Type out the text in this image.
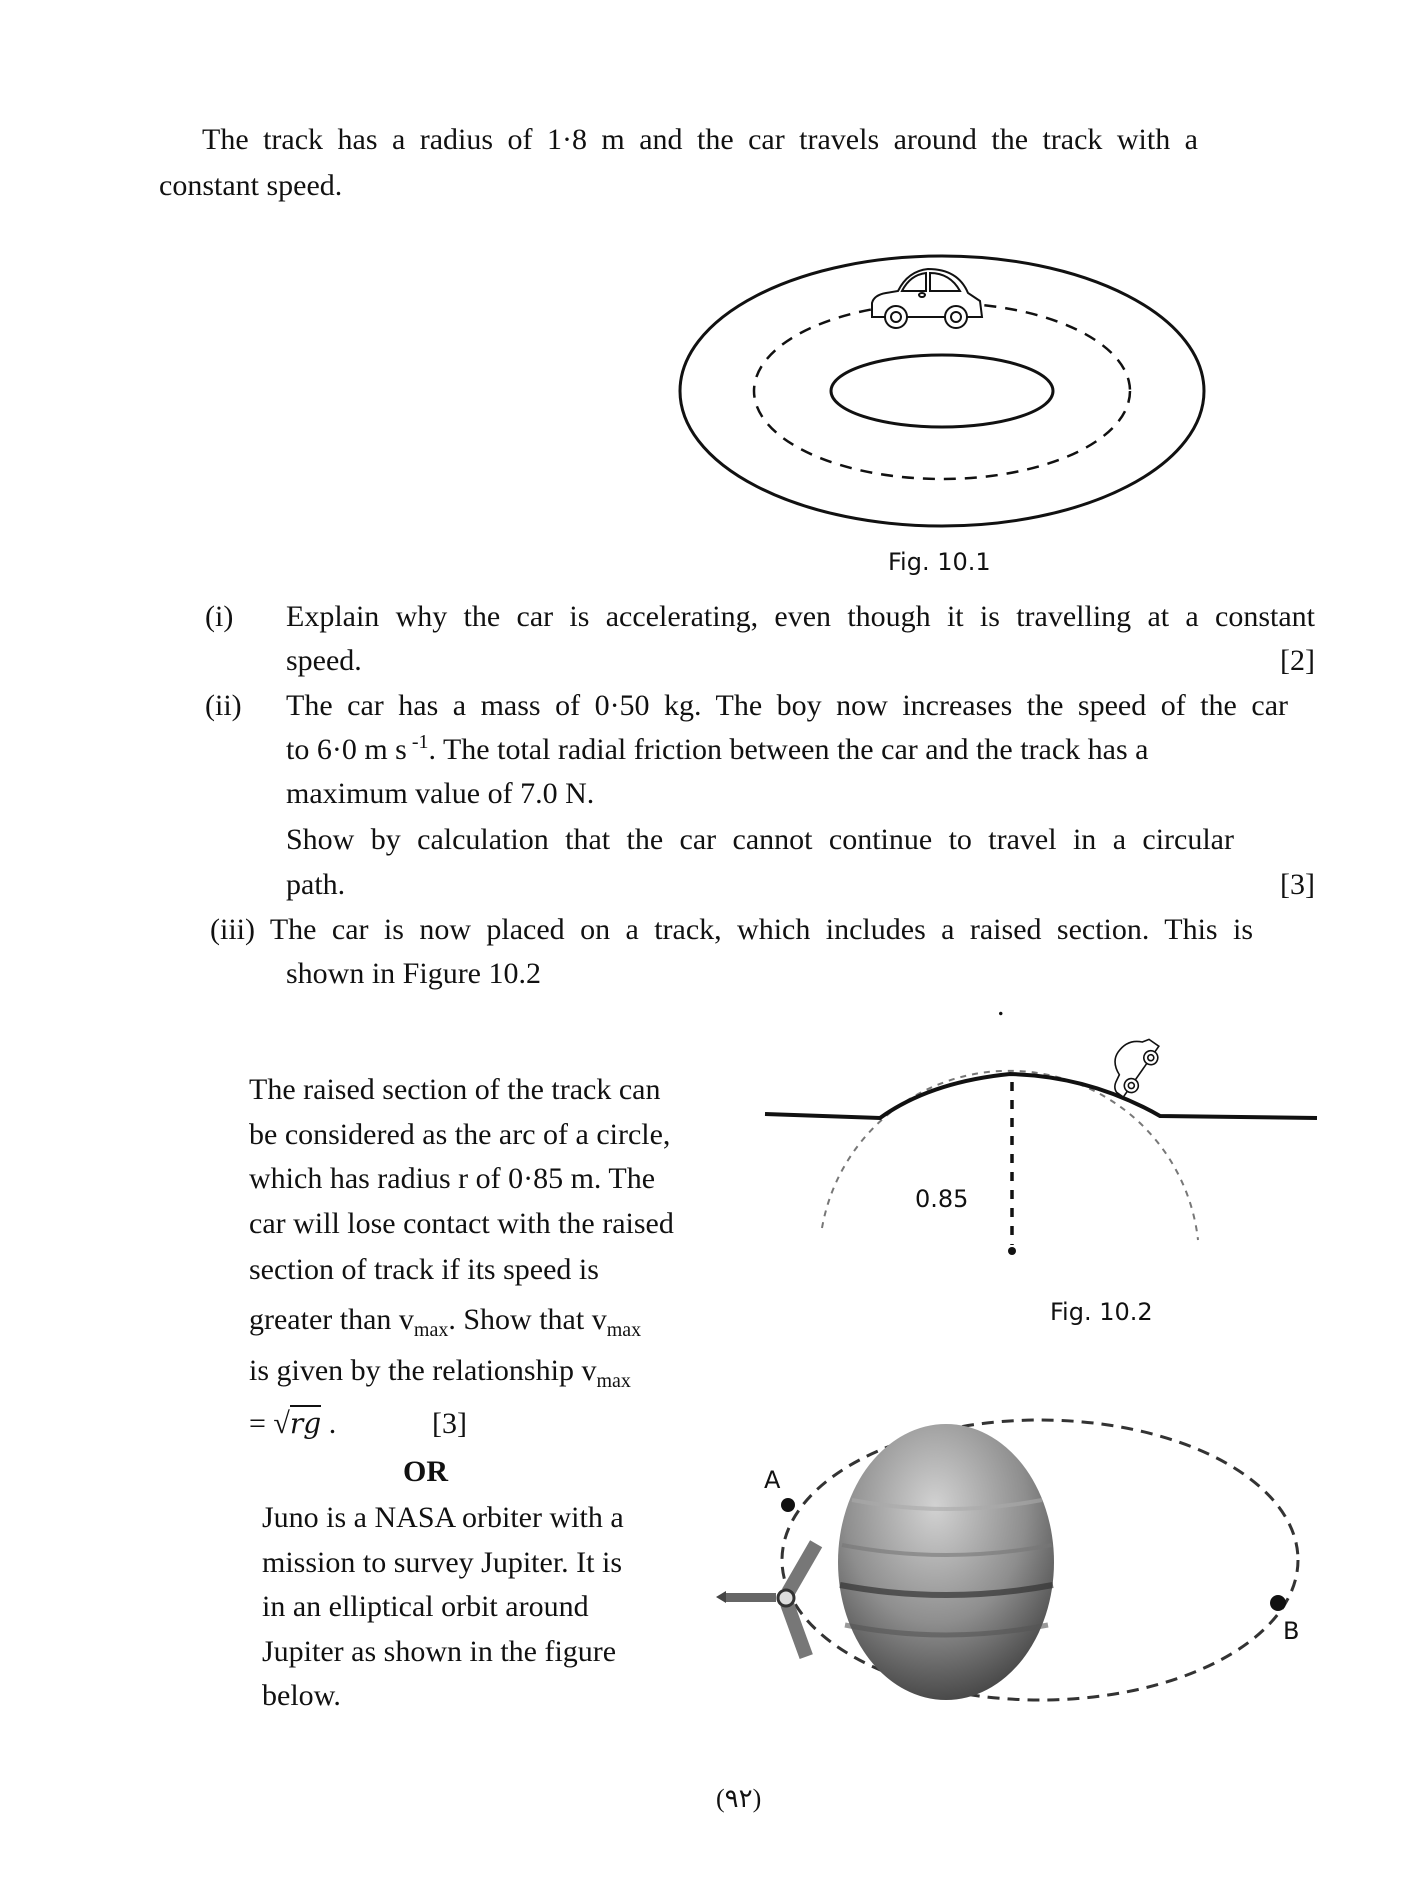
The track has a radius of 1·8 m and the car travels around the track with a
constant speed.
Fig. 10.1
(i) Explain why the car is accelerating, even though it is travelling at a constant
speed.	[2]
(ii) The car has a mass of 0·50 kg. The boy now increases the speed of the car
to 6·0 m s $^{-1}$. The total radial friction between the car and the track has a
maximum value of 7.0 N.
Show by calculation that the car cannot continue to travel in a circular
path.	[3]
(iii) The car is now placed on a track, which includes a raised section. This is
shown in Figure 10.2
.
The raised section of the track can
be considered as the arc of a circle,
which has radius r of 0·85 m. The
car will lose contact with the raised
section of track if its speed is
greater than $v_{max}$. Show that $v_{max}$
is given by the relationship $v_{max}$
= √rg .	[3]
OR
0.85
Fig. 10.2
Juno is a NASA orbiter with a
mission to survey Jupiter. It is
in an elliptical orbit around
Jupiter as shown in the figure
below.
A
B
(٩٢)
